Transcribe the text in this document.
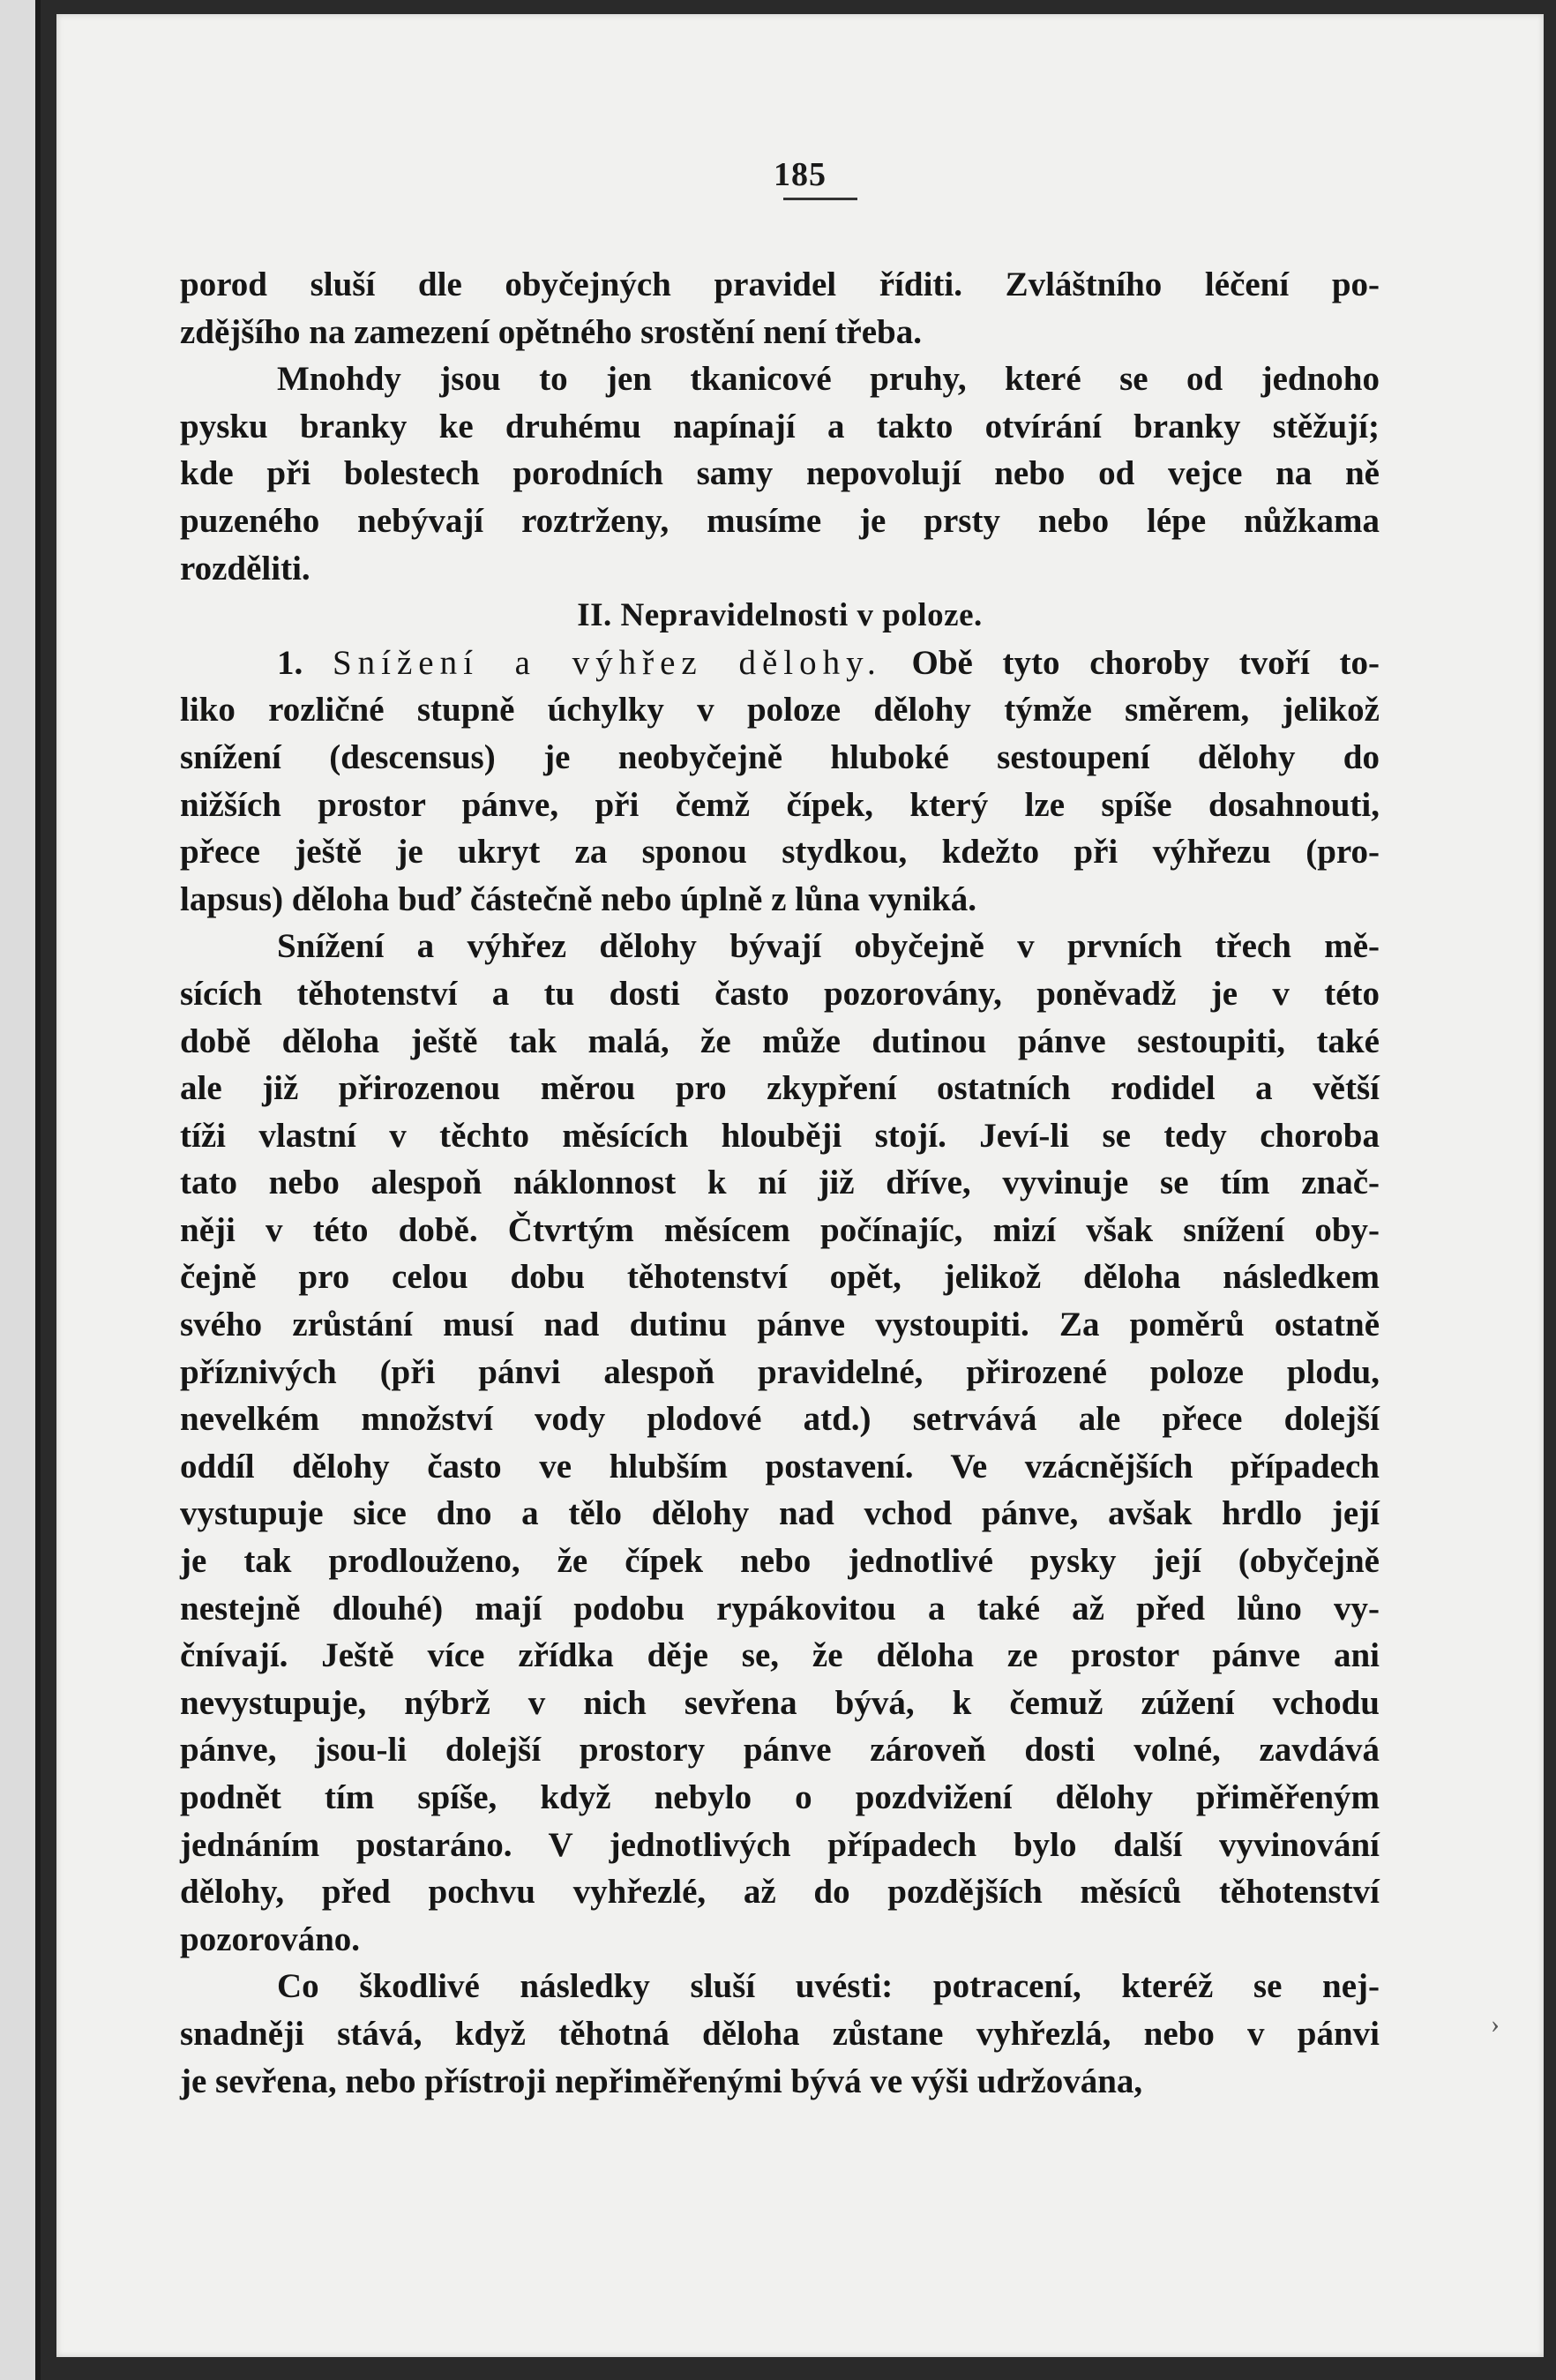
185

porod sluší dle obyčejných pravidel říditi. Zvláštního léčení po-

zdějšího na zamezení opětného srostění není třeba.

Mnohdy jsou to jen tkanicové pruhy, které se od jednoho

pysku branky ke druhému napínají a takto otvírání branky stěžují;

kde při bolestech porodních samy nepovolují nebo od vejce na ně

puzeného nebývají roztrženy, musíme je prsty nebo lépe nůžkama

rozděliti.

II. Nepravidelnosti v poloze.

1. Snížení a výhřez dělohy. Obě tyto choroby tvoří to-

liko rozličné stupně úchylky v poloze dělohy týmže směrem, jelikož

snížení (descensus) je neobyčejně hluboké sestoupení dělohy do

nižších prostor pánve, při čemž čípek, který lze spíše dosahnouti,

přece ještě je ukryt za sponou stydkou, kdežto při výhřezu (pro-

lapsus) děloha buď částečně nebo úplně z lůna vyniká.

Snížení a výhřez dělohy bývají obyčejně v prvních třech mě-

sících těhotenství a tu dosti často pozorovány, poněvadž je v této

době děloha ještě tak malá, že může dutinou pánve sestoupiti, také

ale již přirozenou měrou pro zkypření ostatních rodidel a větší

tíži vlastní v těchto měsících hlouběji stojí. Jeví-li se tedy choroba

tato nebo alespoň náklonnost k ní již dříve, vyvinuje se tím znač-

něji v této době. Čtvrtým měsícem počínajíc, mizí však snížení oby-

čejně pro celou dobu těhotenství opět, jelikož děloha následkem

svého zrůstání musí nad dutinu pánve vystoupiti. Za poměrů ostatně

příznivých (při pánvi alespoň pravidelné, přirozené poloze plodu,

nevelkém množství vody plodové atd.) setrvává ale přece dolejší

oddíl dělohy často ve hlubším postavení. Ve vzácnějších případech

vystupuje sice dno a tělo dělohy nad vchod pánve, avšak hrdlo její

je tak prodlouženo, že čípek nebo jednotlivé pysky její (obyčejně

nestejně dlouhé) mají podobu rypákovitou a také až před lůno vy-

čnívají. Ještě více zřídka děje se, že děloha ze prostor pánve ani

nevystupuje, nýbrž v nich sevřena bývá, k čemuž zúžení vchodu

pánve, jsou-li dolejší prostory pánve zároveň dosti volné, zavdává

podnět tím spíše, když nebylo o pozdvižení dělohy přiměřeným

jednáním postaráno. V jednotlivých případech bylo další vyvinování

dělohy, před pochvu vyhřezlé, až do pozdějších měsíců těhotenství

pozorováno.

Co škodlivé následky sluší uvésti: potracení, kteréž se nej-

snadněji stává, když těhotná děloha zůstane vyhřezlá, nebo v pánvi

je sevřena, nebo přístroji nepřiměřenými bývá ve výši udržována,

›
